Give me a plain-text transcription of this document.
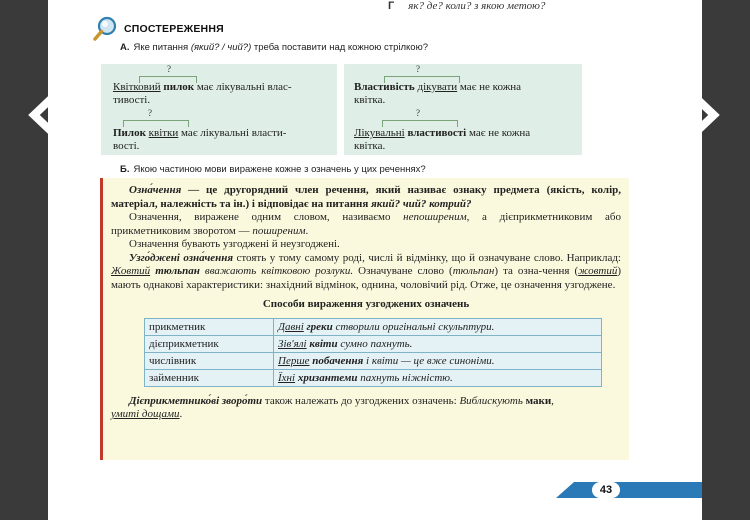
Г як? де? коли? з якою метою?
СПОСТЕРЕЖЕННЯ
А. Яке питання (який? / чий?) треба поставити над кожною стрілкою?
?
Квітковий пилок має лікувальні влас-
тивості.
?
Пилок квітки має лікувальні власти-
вості.
?
Властивість дікувати має не кожна
квітка.
?
Лікувальні властивості має не кожна
квітка.
Б. Якою частиною мови виражене кожне з означень у цих реченнях?

Озна́чення — це другорядний член речення, який називає ознаку предмета (якість, колір, матеріал, належність та ін.) і відповідає на питання який? чий? котрий?

Означення, виражене одним словом, називаємо непоширеним, а дієприкметниковим або прикметниковим зворотом — поширеним.

Означення бувають узгоджені й неузгоджені.

Узго́джені озна́чення стоять у тому самому роді, числі й відмінку, що й означуване слово. Наприклад: Жовтий тюльпан вважають квітковою розлуки. Означуване слово (тюльпан) та озна-чення (жовтий) мають однакові характеристики: знахідний відмінок, однина, чоловічий рід. Отже, це означення узгоджене.

Способи вираження узгоджених означень

прикметник	Давні греки створили оригінальні скульптури.
дієприкметник	Зів'ялі квіти сумно пахнуть.
числівник	Перше побачення і квіти — це вже синоніми.
займенник	Їхні хризантеми пахнуть ніжністю.

Дієприкметнико́ві зворо́ти також належать до узгоджених означень: Виблискують маки,
умиті дощами.

43
